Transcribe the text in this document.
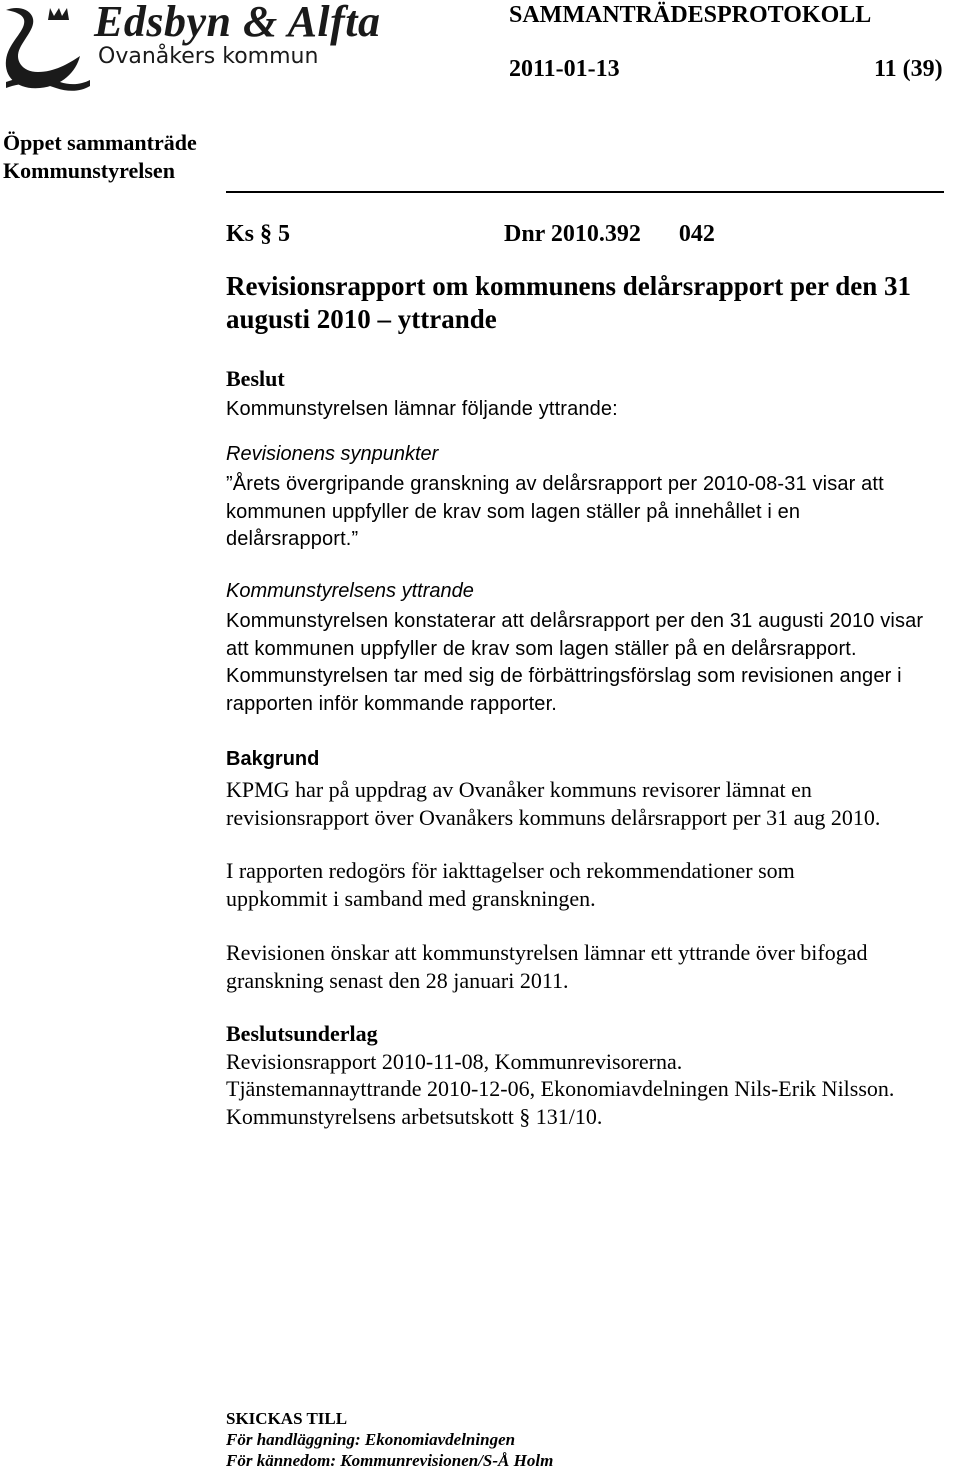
Edsbyn & Alfta
Ovanåkers kommun
SAMMANTRÄDESPROTOKOLL
2011-01-13	11 (39)
Öppet sammanträde
Kommunstyrelsen
Ks § 5	Dnr 2010.392 042
Revisionsrapport om kommunens delårsrapport per den 31 augusti 2010 – yttrande

Beslut

Kommunstyrelsen lämnar följande yttrande:

Revisionens synpunkter

”Årets övergripande granskning av delårsrapport per 2010-08-31 visar att kommunen uppfyller de krav som lagen ställer på innehållet i en delårsrapport.”

Kommunstyrelsens yttrande

Kommunstyrelsen konstaterar att delårsrapport per den 31 augusti 2010 visar att kommunen uppfyller de krav som lagen ställer på en delårsrapport. Kommunstyrelsen tar med sig de förbättringsförslag som revisionen anger i rapporten inför kommande rapporter.

Bakgrund

KPMG har på uppdrag av Ovanåker kommuns revisorer lämnat en revisionsrapport över Ovanåkers kommuns delårsrapport per 31 aug 2010.

I rapporten redogörs för iakttagelser och rekommendationer som uppkommit i samband med granskningen.

Revisionen önskar att kommunstyrelsen lämnar ett yttrande över bifogad granskning senast den 28 januari 2011.

Beslutsunderlag

Revisionsrapport 2010-11-08, Kommunrevisorerna.

Tjänstemannayttrande 2010-12-06, Ekonomiavdelningen Nils-Erik Nilsson.

Kommunstyrelsens arbetsutskott § 131/10.

SKICKAS TILL

För handläggning: Ekonomiavdelningen

För kännedom: Kommunrevisionen/S-Å Holm
